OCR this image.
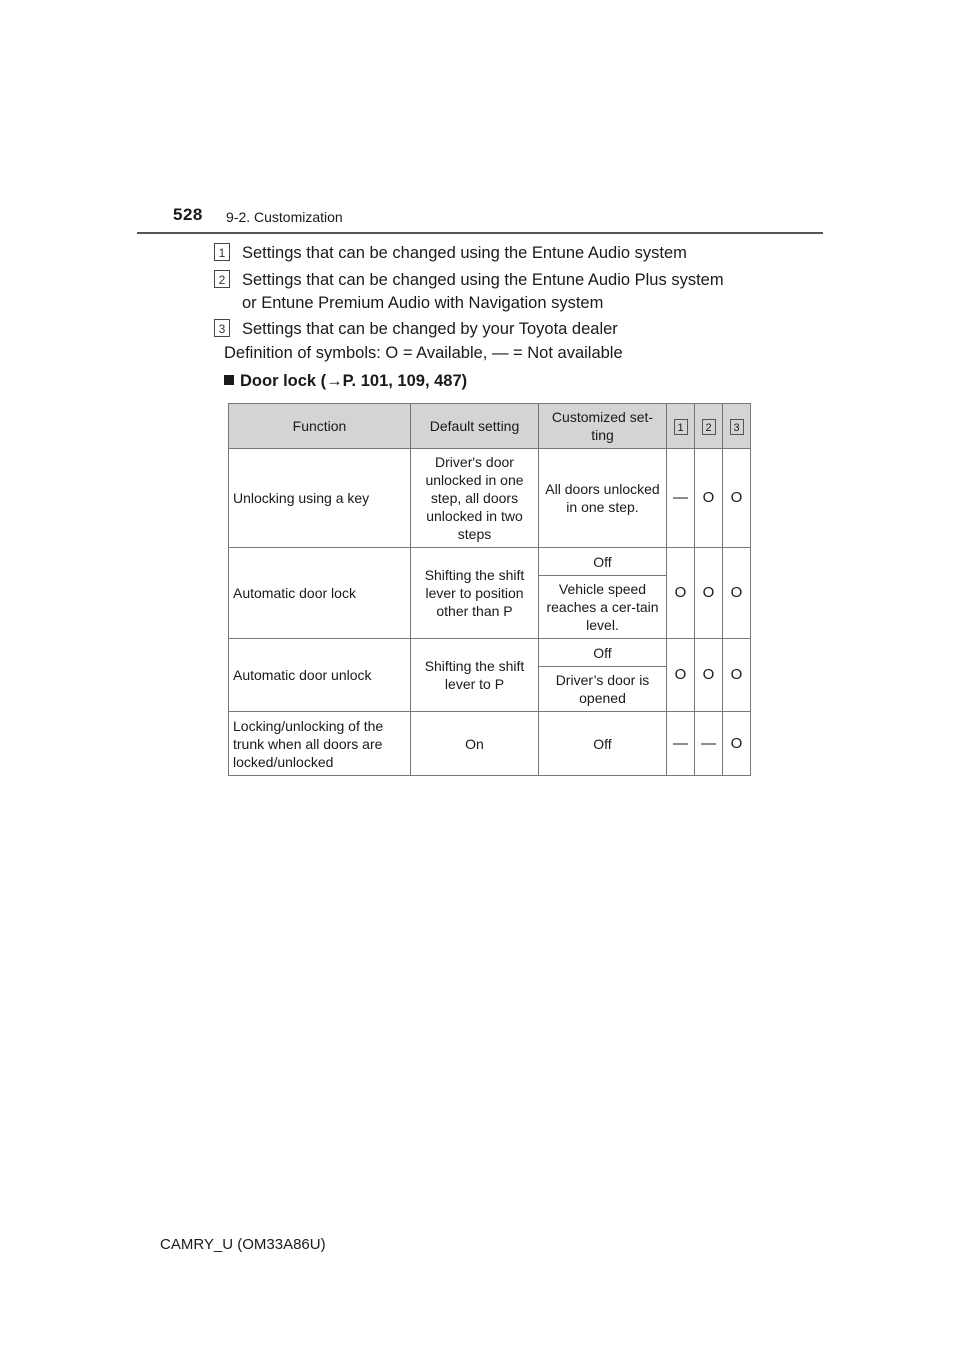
528 9-2. Customization
1 Settings that can be changed using the Entune Audio system
2 Settings that can be changed using the Entune Audio Plus system
or Entune Premium Audio with Navigation system
3 Settings that can be changed by your Toyota dealer
Definition of symbols: O = Available, — = Not available
Door lock (→P. 101, 109, 487)
Function	Default setting	Customized set-ting	1	2	3
Unlocking using a key	Driver's door unlocked in one step, all doors unlocked in two steps	All doors unlocked in one step.	—	O	O
Automatic door lock	Shifting the shift lever to position other than P	Off	O	O	O
		Vehicle speed reaches a cer-tain level.			
Automatic door unlock	Shifting the shift lever to P	Off	O	O	O
		Driver’s door is opened			
Locking/unlocking of the trunk when all doors are locked/unlocked	On	Off	—	—	O
CAMRY_U (OM33A86U)
